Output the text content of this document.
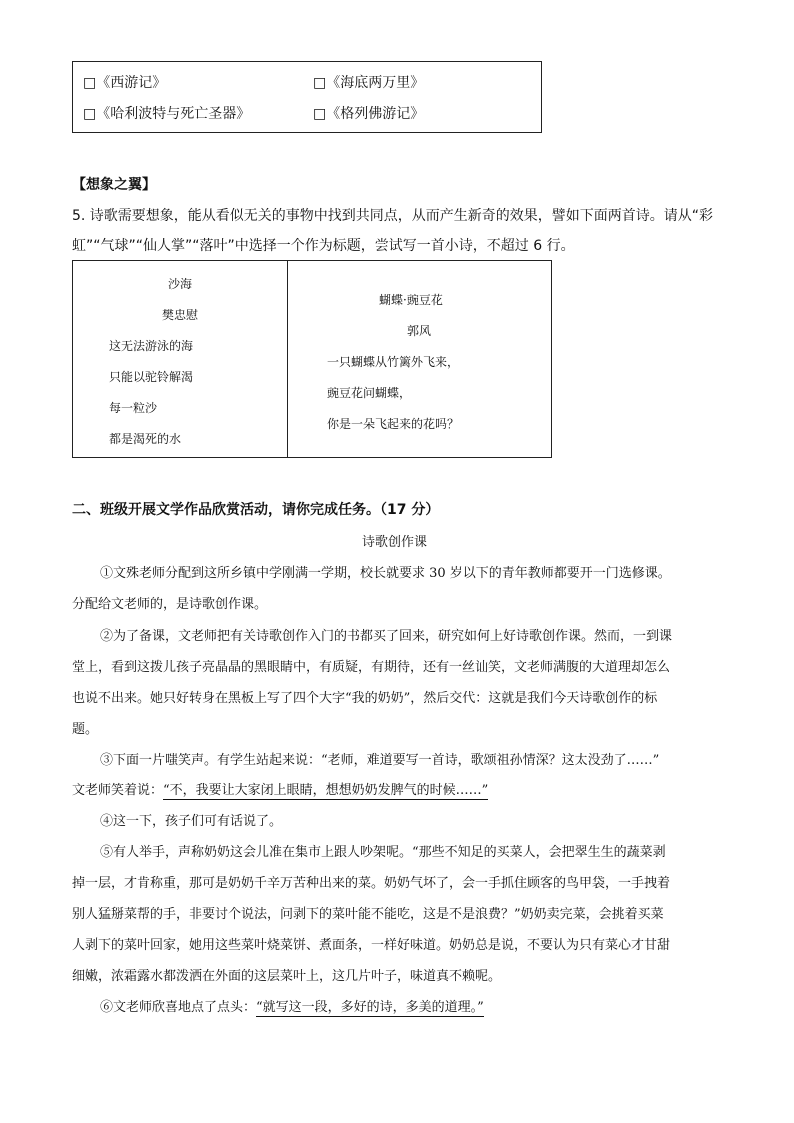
□《西游记》	□《海底两万里》
□《哈利波特与死亡圣器》	□《格列佛游记》
【想象之翼】
5. 诗歌需要想象，能从看似无关的事物中找到共同点，从而产生新奇的效果，譬如下面两首诗。请从“彩
虹”“气球”“仙人掌”“落叶”中选择一个作为标题，尝试写一首小诗，不超过 6 行。
沙海
樊忠慰
这无法游泳的海
只能以驼铃解渴
每一粒沙
都是渴死的水
蝴蝶·豌豆花
郭风
一只蝴蝶从竹篱外飞来，
豌豆花问蝴蝶，
你是一朵飞起来的花吗？
二、班级开展文学作品欣赏活动，请你完成任务。（17 分）
诗歌创作课
①文殊老师分配到这所乡镇中学刚满一学期，校长就要求 30 岁以下的青年教师都要开一门选修课。
分配给文老师的，是诗歌创作课。
②为了备课，文老师把有关诗歌创作入门的书都买了回来，研究如何上好诗歌创作课。然而，一到课
堂上，看到这拨儿孩子亮晶晶的黑眼睛中，有质疑，有期待，还有一丝讪笑，文老师满腹的大道理却怎么
也说不出来。她只好转身在黑板上写了四个大字“我的奶奶”，然后交代：这就是我们今天诗歌创作的标
题。
③下面一片嗤笑声。有学生站起来说：“老师，难道要写一首诗，歌颂祖孙情深？这太没劲了……”
文老师笑着说：“不，我要让大家闭上眼睛，想想奶奶发脾气的时候……”
④这一下，孩子们可有话说了。
⑤有人举手，声称奶奶这会儿准在集市上跟人吵架呢。“那些不知足的买菜人，会把翠生生的蔬菜剥
掉一层，才肯称重，那可是奶奶千辛万苦种出来的菜。奶奶气坏了，会一手抓住顾客的鸟甲袋，一手拽着
别人猛掰菜帮的手，非要讨个说法，问剥下的菜叶能不能吃，这是不是浪费？”奶奶卖完菜，会挑着买菜
人剥下的菜叶回家，她用这些菜叶烧菜饼、煮面条，一样好味道。奶奶总是说，不要认为只有菜心才甘甜
细嫩，浓霜露水都泼洒在外面的这层菜叶上，这几片叶子，味道真不赖呢。
⑥文老师欣喜地点了点头：“就写这一段，多好的诗，多美的道理。”
